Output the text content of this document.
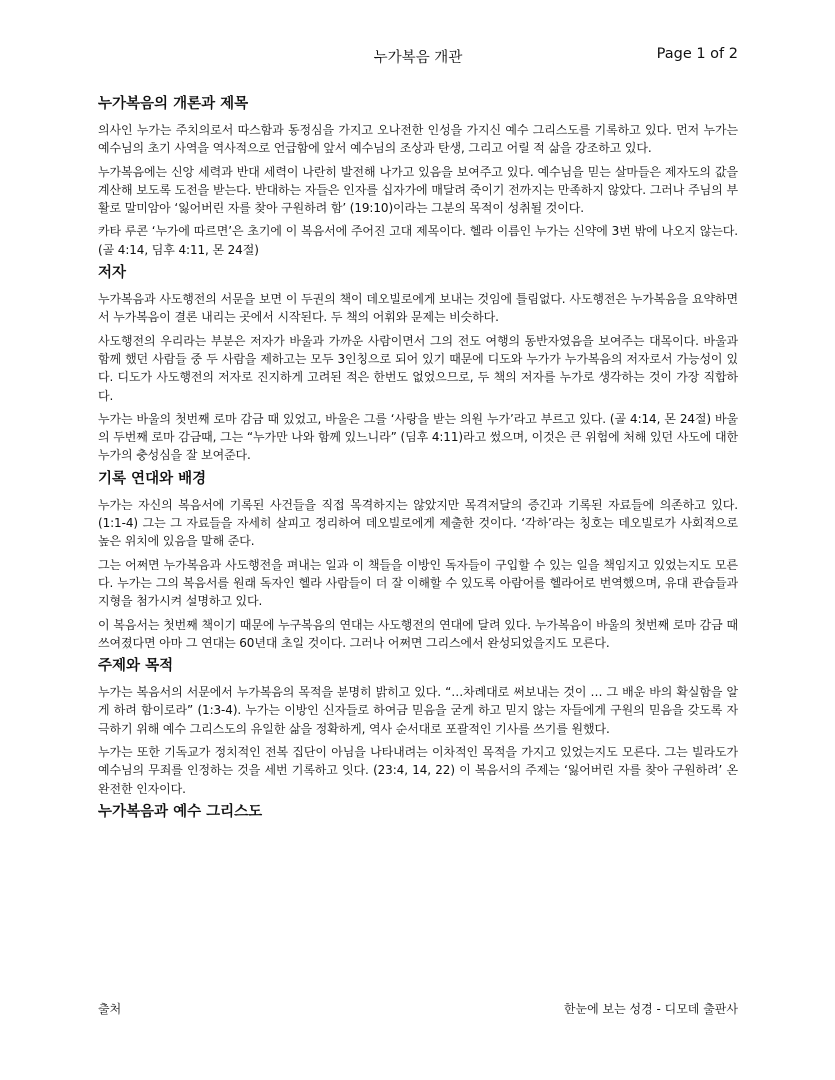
누가복음 개관	Page 1 of 2
누가복음의 개론과 제목

의사인 누가는 주치의로서 따스함과 동정심을 가지고 오나전한 인성을 가지신 예수 그리스도를 기록하고 있다. 먼저 누가는 예수님의 초기 사역을 역사적으로 언급함에 앞서 예수님의 조상과 탄생, 그리고 어릴 적 삶을 강조하고 있다.

누가복음에는 신앙 세력과 반대 세력이 나란히 발전해 나가고 있음을 보여주고 있다. 예수님을 믿는 살마들은 제자도의 값을 계산해 보도록 도전을 받는다. 반대하는 자들은 인자를 십자가에 매달려 죽이기 전까지는 만족하지 않았다. 그러나 주님의 부활로 말미암아 ‘잃어버린 자를 찾아 구원하려 함’ (19:10)이라는 그분의 목적이 성취될 것이다.

카타 루콘 ‘누가에 따르면’은 초기에 이 복음서에 주어진 고대 제목이다. 헬라 이름인 누가는 신약에 3번 밖에 나오지 않는다. (골 4:14, 딤후 4:11, 몬 24절)

저자

누가복음과 사도행전의 서문을 보면 이 두권의 책이 데오빌로에게 보내는 것임에 틀림없다. 사도행전은 누가복음을 요약하면서 누가복음이 결론 내리는 곳에서 시작된다. 두 책의 어휘와 문제는 비슷하다.

사도행전의 우리라는 부분은 저자가 바울과 가까운 사람이면서 그의 전도 여행의 동반자였음을 보여주는 대목이다. 바울과 함께 했던 사람들 중 두 사람을 제하고는 모두 3인칭으로 되어 있기 때문에 디도와 누가가 누가복음의 저자로서 가능성이 있다. 디도가 사도행전의 저자로 진지하게 고려된 적은 한번도 없었으므로, 두 책의 저자를 누가로 생각하는 것이 가장 직합하다.

누가는 바울의 첫번째 로마 감금 때 있었고, 바울은 그를 ‘사랑을 받는 의원 누가’라고 부르고 있다. (골 4:14, 몬 24절) 바울의 두번째 로마 감금때, 그는 “누가만 나와 함께 있느니라” (딤후 4:11)라고 썼으며, 이것은 큰 위험에 처해 있던 사도에 대한 누가의 충성심을 잘 보여준다.

기록 연대와 배경

누가는 자신의 복음서에 기록된 사건들을 직접 목격하지는 않았지만 목격저달의 증긴과 기록된 자료들에 의존하고 있다. (1:1-4) 그는 그 자료들을 자세히 살피고 정리하여 데오빌로에게 제출한 것이다. ‘각하’라는 칭호는 데오빌로가 사회적으로 높은 위치에 있음을 말해 준다.

그는 어쩌면 누가복음과 사도행전을 펴내는 일과 이 책들을 이방인 독자들이 구입할 수 있는 일을 책임지고 있었는지도 모른다. 누가는 그의 복음서를 원래 독자인 헬라 사람들이 더 잘 이해할 수 있도록 아람어를 헬라어로 번역했으며, 유대 관습들과 지형을 첨가시켜 설명하고 있다.

이 복음서는 첫번째 책이기 때문에 누구복음의 연대는 사도행전의 연대에 달려 있다. 누가복음이 바울의 첫번째 로마 감금 때 쓰여졌다면 아마 그 연대는 60년대 초일 것이다. 그러나 어쩌면 그리스에서 완성되었을지도 모른다.

주제와 목적

누가는 복음서의 서문에서 누가복음의 목적을 분명히 밝히고 있다. “…차례대로 써보내는 것이 … 그 배운 바의 확실함을 알게 하려 함이로라” (1:3-4). 누가는 이방인 신자들로 하여금 믿음을 굳게 하고 믿지 않는 자들에게 구원의 믿음을 갖도록 자극하기 위해 예수 그리스도의 유일한 삶을 정확하게, 역사 순서대로 포괄적인 기사를 쓰기를 원했다.

누가는 또한 기독교가 정치적인 전복 집단이 아님을 나타내려는 이차적인 목적을 가지고 있었는지도 모른다. 그는 빌라도가 예수님의 무죄를 인정하는 것을 세번 기록하고 잇다. (23:4, 14, 22) 이 복음서의 주제는 ‘잃어버린 자를 찾아 구원하려’ 온 완전한 인자이다.

누가복음과 예수 그리스도
출처	한눈에 보는 성경 - 디모데 출판사
